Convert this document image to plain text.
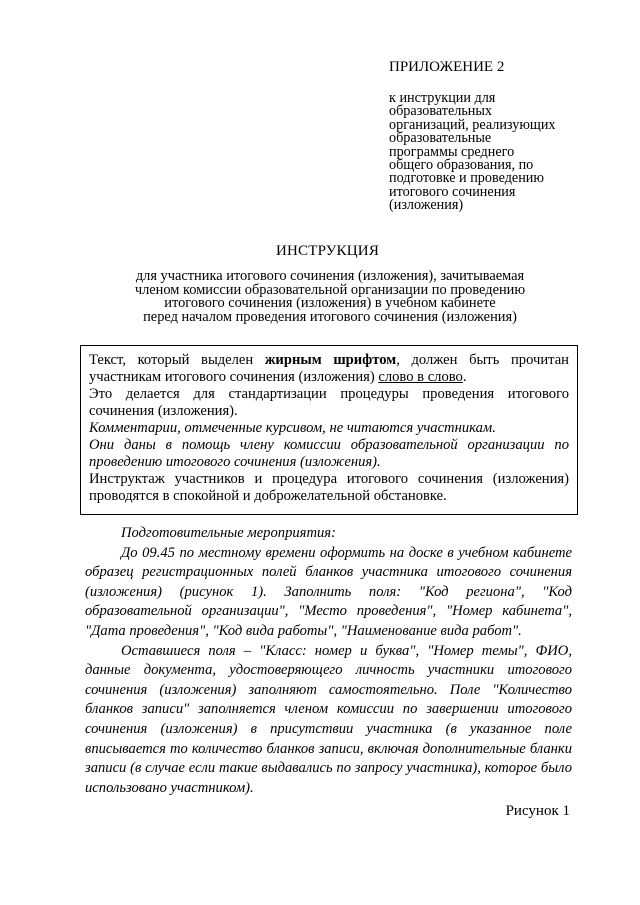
ПРИЛОЖЕНИЕ 2
к инструкции для
образовательных
организаций, реализующих
образовательные
программы среднего
общего образования, по
подготовке и проведению
итогового сочинения
(изложения)
ИНСТРУКЦИЯ
для участника итогового сочинения (изложения), зачитываемая
членом комиссии образовательной организации по проведению
итогового сочинения (изложения) в учебном кабинете
перед началом проведения итогового сочинения (изложения)

Текст, который выделен жирным шрифтом, должен быть прочитан участникам итогового сочинения (изложения) слово в слово.

Это делается для стандартизации процедуры проведения итогового сочинения (изложения).

Комментарии, отмеченные курсивом, не читаются участникам.

Они даны в помощь члену комиссии образовательной организации по проведению итогового сочинения (изложения).

Инструктаж участников и процедура итогового сочинения (изложения) проводятся в спокойной и доброжелательной обстановке.

Подготовительные мероприятия:

До 09.45 по местному времени оформить на доске в учебном кабинете образец регистрационных полей бланков участника итогового сочинения (изложения) (рисунок 1). Заполнить поля: "Код региона", "Код образовательной организации", "Место проведения", "Номер кабинета", "Дата проведения", "Код вида работы", "Наименование вида работ".

Оставшиеся поля – "Класс: номер и буква", "Номер темы", ФИО, данные документа, удостоверяющего личность участники итогового сочинения (изложения) заполняют самостоятельно. Поле "Количество бланков записи" заполняется членом комиссии по завершении итогового сочинения (изложения) в присутствии участника (в указанное поле вписывается то количество бланков записи, включая дополнительные бланки записи (в случае если такие выдавались по запросу участника), которое было использовано участником).

Рисунок 1
